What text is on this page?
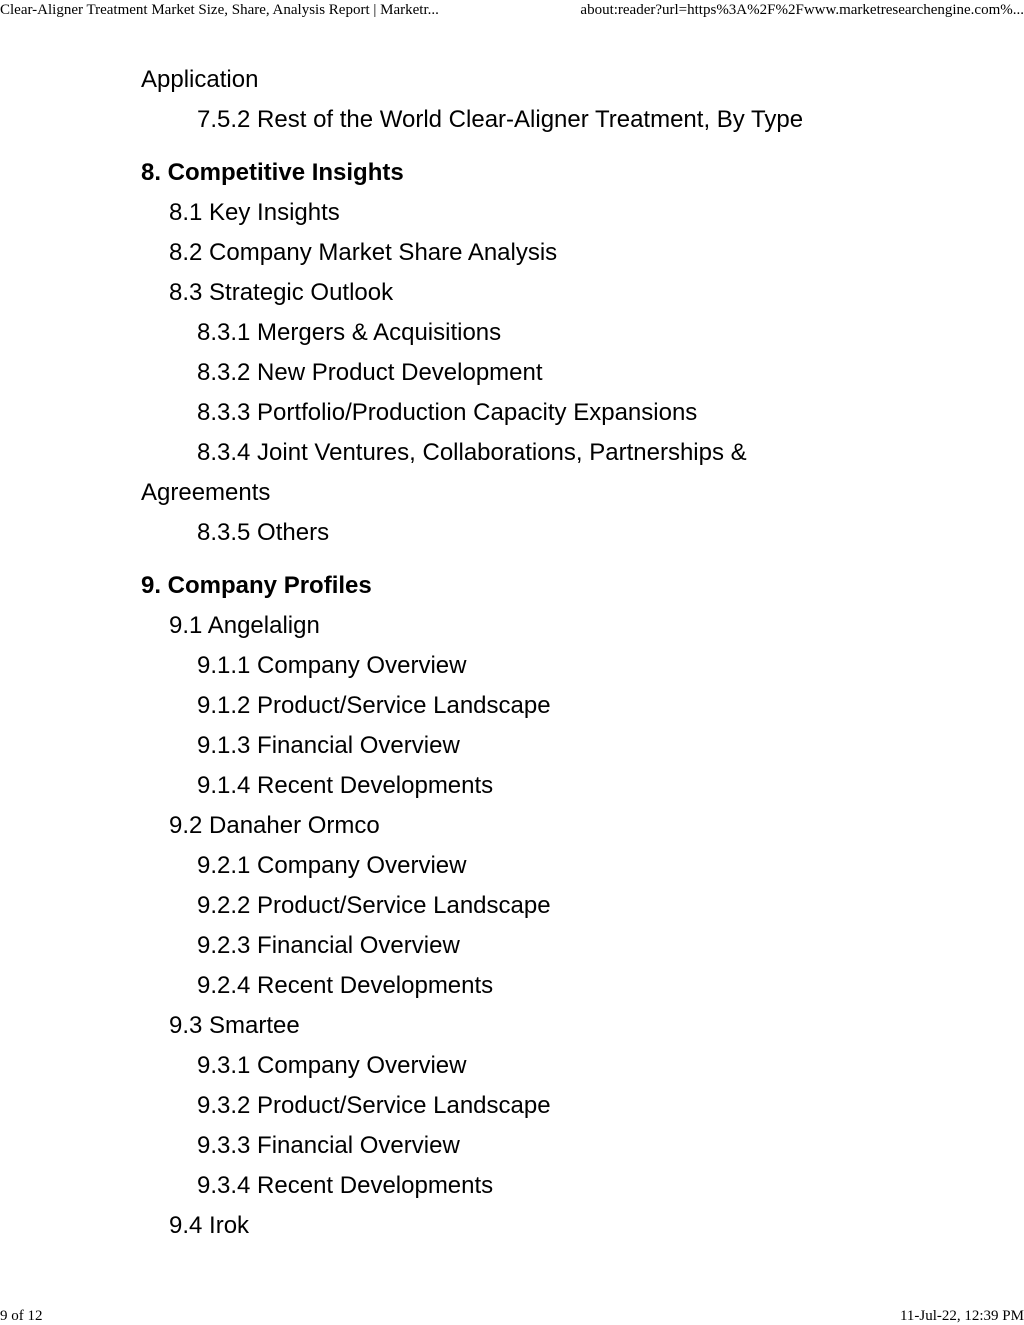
Clear-Aligner Treatment Market Size, Share, Analysis Report | Marketr...	about:reader?url=https%3A%2F%2Fwww.marketresearchengine.com%...
Application
7.5.2 Rest of the World Clear-Aligner Treatment, By Type
8. Competitive Insights
8.1 Key Insights
8.2 Company Market Share Analysis
8.3 Strategic Outlook
8.3.1 Mergers & Acquisitions
8.3.2 New Product Development
8.3.3 Portfolio/Production Capacity Expansions
8.3.4 Joint Ventures, Collaborations, Partnerships &
Agreements
8.3.5 Others
9. Company Profiles
9.1 Angelalign
9.1.1 Company Overview
9.1.2 Product/Service Landscape
9.1.3 Financial Overview
9.1.4 Recent Developments
9.2 Danaher Ormco
9.2.1 Company Overview
9.2.2 Product/Service Landscape
9.2.3 Financial Overview
9.2.4 Recent Developments
9.3 Smartee
9.3.1 Company Overview
9.3.2 Product/Service Landscape
9.3.3 Financial Overview
9.3.4 Recent Developments
9.4 Irok
9 of 12	11-Jul-22, 12:39 PM
